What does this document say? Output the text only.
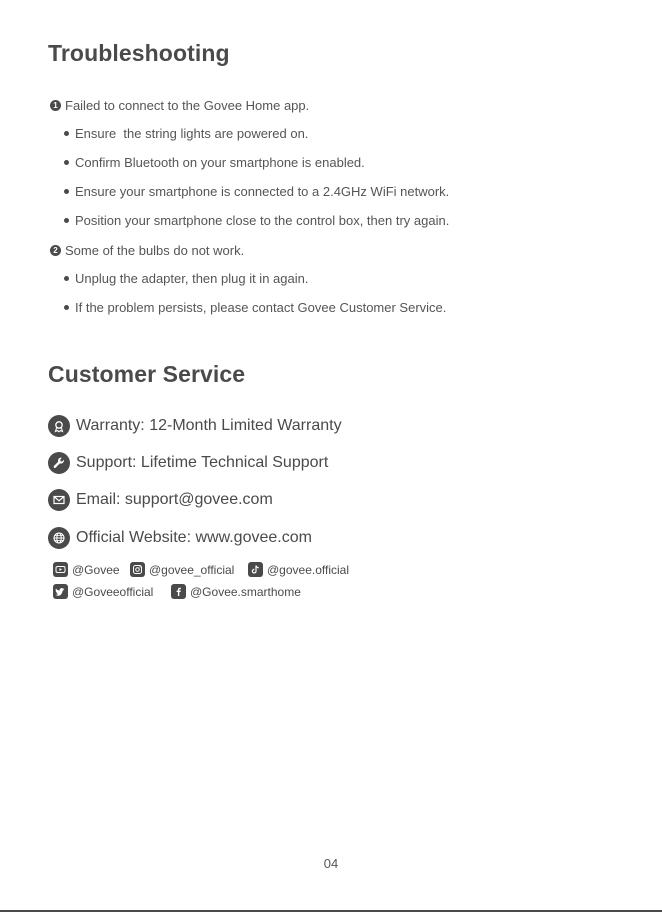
Troubleshooting
1 Failed to connect to the Govee Home app.
Ensure  the string lights are powered on.
Confirm Bluetooth on your smartphone is enabled.
Ensure your smartphone is connected to a 2.4GHz WiFi network.
Position your smartphone close to the control box, then try again.
2 Some of the bulbs do not work.
Unplug the adapter, then plug it in again.
If the problem persists, please contact Govee Customer Service.
Customer Service
Warranty: 12-Month Limited Warranty
Support: Lifetime Technical Support
Email: support@govee.com
Official Website: www.govee.com
@Govee @govee_official	@govee.official
@Goveeofficial	@Govee.smarthome
04
